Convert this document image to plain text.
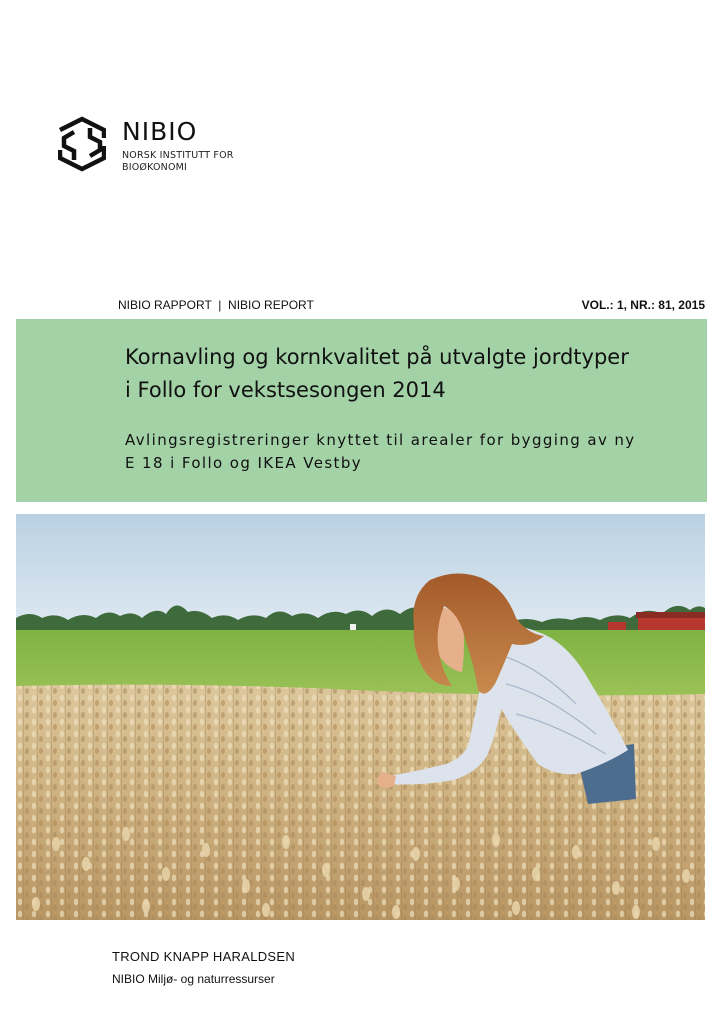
NIBIO
NORSK INSTITUTT FOR
BIOØKONOMI
NIBIO RAPPORT  |  NIBIO REPORT	VOL.: 1, NR.: 81, 2015
Kornavling og kornkvalitet på utvalgte jordtyper
i Follo for vekstsesongen 2014
Avlingsregistreringer knyttet til arealer for bygging av ny
E 18 i Follo og IKEA Vestby
TROND KNAPP HARALDSEN
NIBIO Miljø- og naturressurser
